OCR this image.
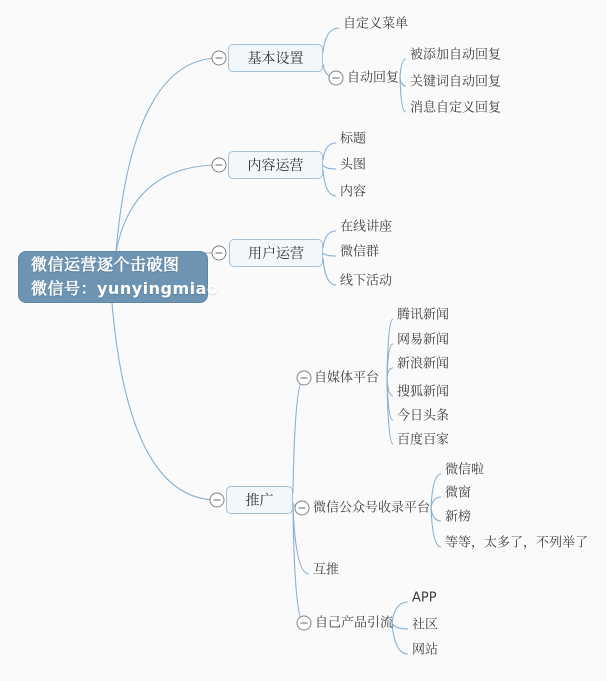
微信运营逐个击破图
微信号：yunyingmiao
基本设置
自定义菜单
自动回复
被添加自动回复
关键词自动回复
消息自定义回复
内容运营
标题
头图
内容
用户运营
在线讲座
微信群
线下活动
推广
自媒体平台
腾讯新闻
网易新闻
新浪新闻
搜狐新闻
今日头条
百度百家
微信公众号收录平台
微信啦
微窗
新榜
等等，太多了，不列举了
互推
自己产品引流
APP
社区
网站
